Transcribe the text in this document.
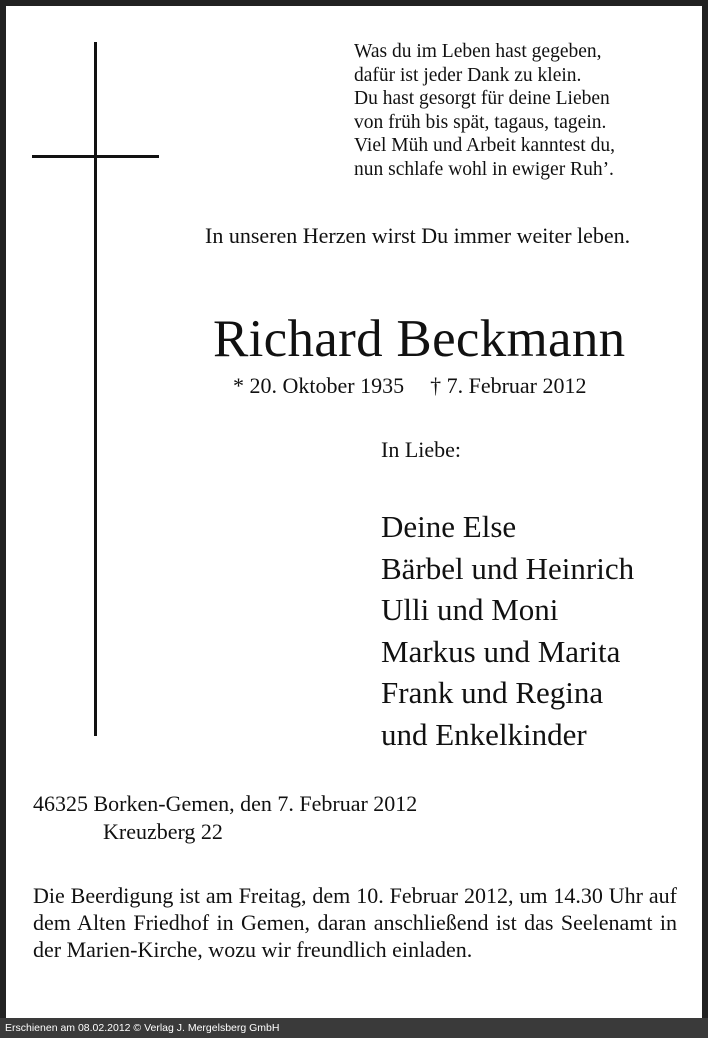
Was du im Leben hast gegeben,
dafür ist jeder Dank zu klein.
Du hast gesorgt für deine Lieben
von früh bis spät, tagaus, tagein.
Viel Müh und Arbeit kanntest du,
nun schlafe wohl in ewiger Ruh’.
In unseren Herzen wirst Du immer weiter leben.
Richard Beckmann
* 20. Oktober 1935 † 7. Februar 2012
In Liebe:
Deine Else
Bärbel und Heinrich
Ulli und Moni
Markus und Marita
Frank und Regina
und Enkelkinder
46325 Borken-Gemen, den 7. Februar 2012
Kreuzberg 22
Die Beerdigung ist am Freitag, dem 10. Februar 2012, um 14.30 Uhr auf dem Alten Friedhof in Gemen, daran anschließend ist das Seelenamt in der Marien-Kirche, wozu wir freundlich einladen.
Erschienen am 08.02.2012 © Verlag J. Mergelsberg GmbH
